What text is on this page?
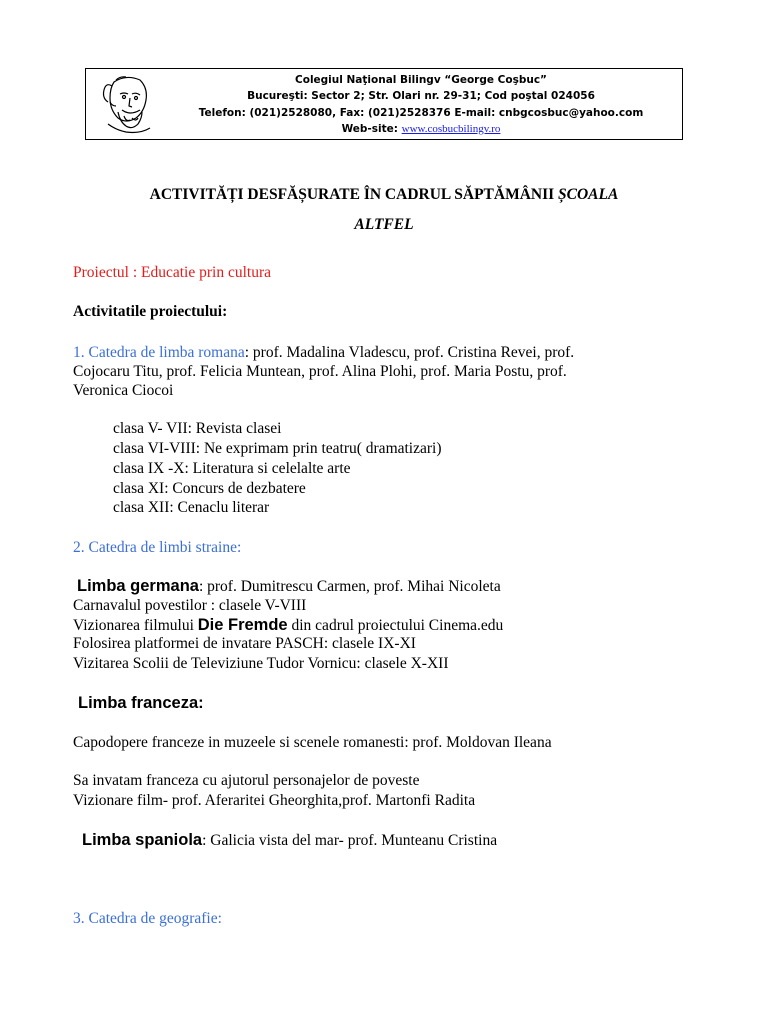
Colegiul Naţional Bilingv “George Coşbuc”
Bucureşti: Sector 2; Str. Olari nr. 29-31; Cod poştal 024056
Telefon: (021)2528080, Fax: (021)2528376 E-mail: cnbgcosbuc@yahoo.com
Web-site: www.cosbucbilingv.ro
ACTIVITĂȚI DESFĂȘURATE ÎN CADRUL SĂPTĂMÂNII ȘCOALA
ALTFEL
Proiectul : Educatie prin cultura
Activitatile proiectului:
1. Catedra de limba romana: prof. Madalina Vladescu, prof. Cristina Revei, prof.
Cojocaru Titu, prof. Felicia Muntean, prof. Alina Plohi, prof. Maria Postu, prof.
Veronica Ciocoi
clasa V- VII: Revista clasei
clasa VI-VIII: Ne exprimam prin teatru( dramatizari)
clasa IX -X: Literatura si celelalte arte
clasa XI: Concurs de dezbatere
clasa XII: Cenaclu literar
2. Catedra de limbi straine:
Limba germana: prof. Dumitrescu Carmen, prof. Mihai Nicoleta
Carnavalul povestilor : clasele V-VIII
Vizionarea filmului Die Fremde din cadrul proiectului Cinema.edu
Folosirea platformei de invatare PASCH: clasele IX-XI
Vizitarea Scolii de Televiziune Tudor Vornicu: clasele X-XII
Limba franceza:
Capodopere franceze in muzeele si scenele romanesti: prof. Moldovan Ileana
Sa invatam franceza cu ajutorul personajelor de poveste
Vizionare film- prof. Aferaritei Gheorghita,prof. Martonfi Radita
Limba spaniola: Galicia vista del mar- prof. Munteanu Cristina
3. Catedra de geografie:
